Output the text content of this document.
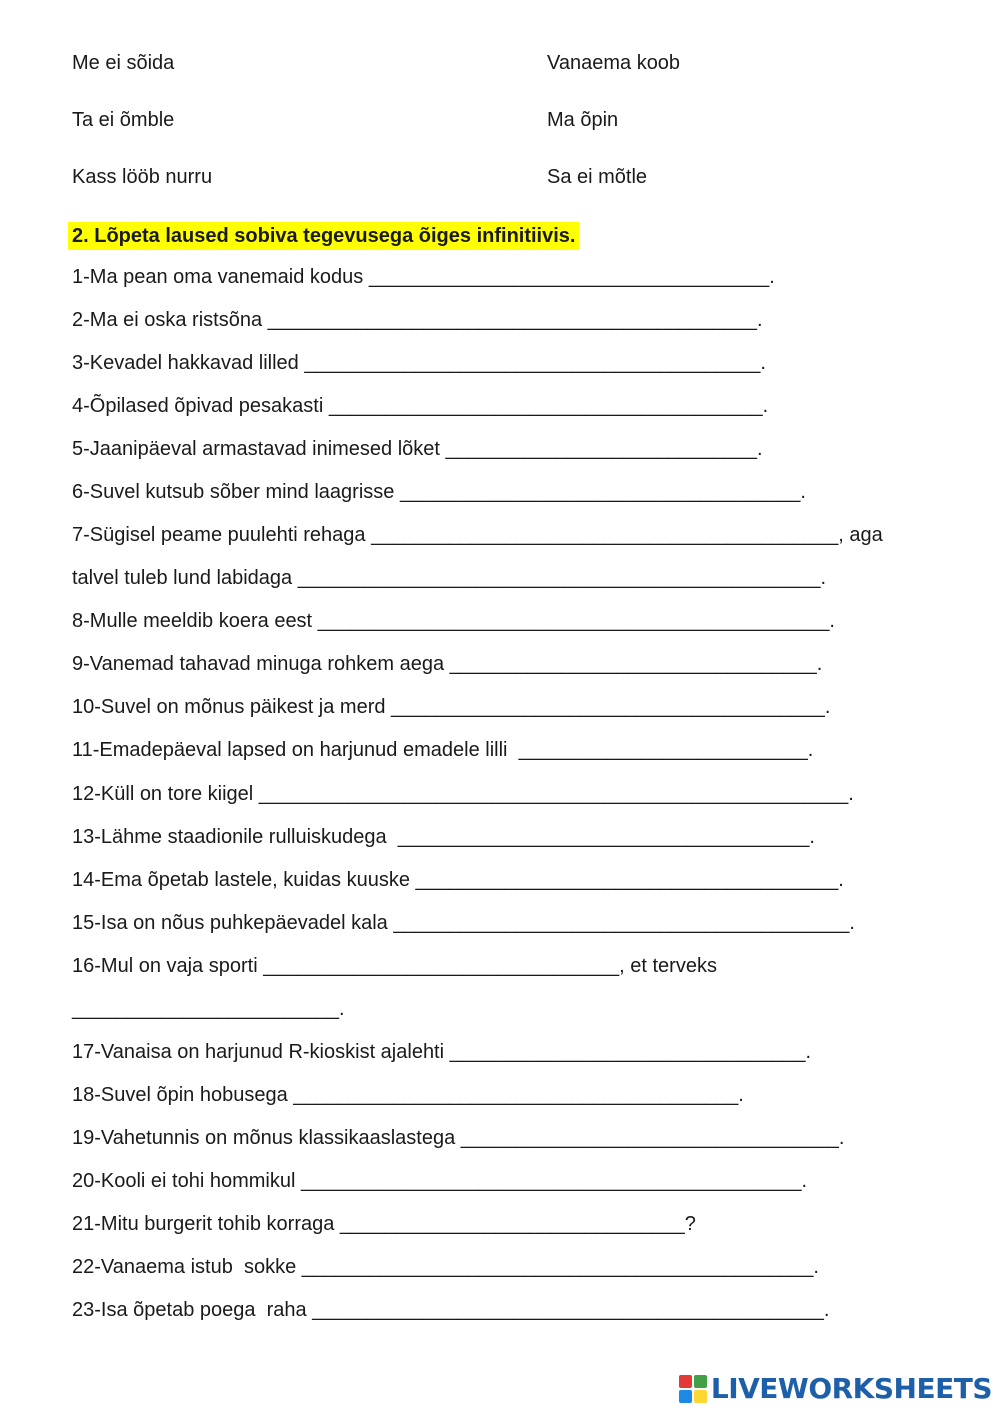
Me ei sõida	Vanaema koob
Ta ei õmble	Ma õpin
Kass lööb nurru	Sa ei mõtle
2. Lõpeta laused sobiva tegevusega õiges infinitiivis.
1-Ma pean oma vanemaid kodus ____________________________________.
2-Ma ei oska ristsõna ____________________________________________.
3-Kevadel hakkavad lilled _________________________________________.
4-Õpilased õpivad pesakasti _______________________________________.
5-Jaanipäeval armastavad inimesed lõket ____________________________.
6-Suvel kutsub sõber mind laagrisse ____________________________________.
7-Sügisel peame puulehti rehaga __________________________________________, aga
talvel tuleb lund labidaga _______________________________________________.
8-Mulle meeldib koera eest ______________________________________________.
9-Vanemad tahavad minuga rohkem aega _________________________________.
10-Suvel on mõnus päikest ja merd _______________________________________.
11-Emadepäeval lapsed on harjunud emadele lilli  __________________________.
12-Küll on tore kiigel _____________________________________________________.
13-Lähme staadionile rulluiskudega  _____________________________________.
14-Ema õpetab lastele, kuidas kuuske ______________________________________.
15-Isa on nõus puhkepäevadel kala _________________________________________.
16-Mul on vaja sporti ________________________________, et terveks
________________________.
17-Vanaisa on harjunud R-kioskist ajalehti ________________________________.
18-Suvel õpin hobusega ________________________________________.
19-Vahetunnis on mõnus klassikaaslastega __________________________________.
20-Kooli ei tohi hommikul _____________________________________________.
21-Mitu burgerit tohib korraga _______________________________?
22-Vanaema istub  sokke ______________________________________________.
23-Isa õpetab poega  raha ______________________________________________.
LIVEWORKSHEETS
